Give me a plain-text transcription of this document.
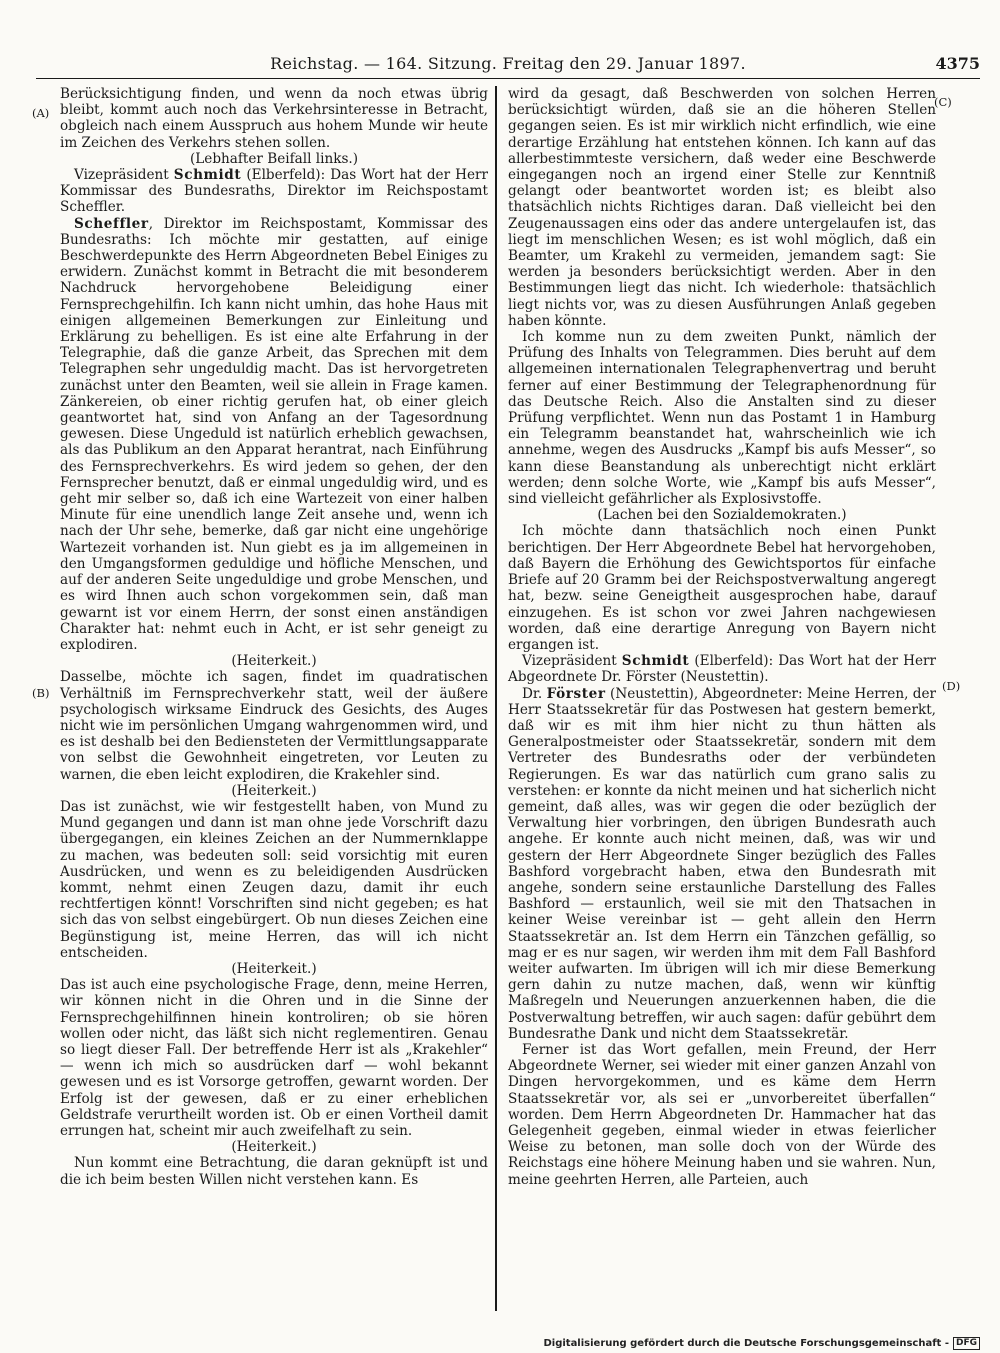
Reichstag. — 164. Sitzung. Freitag den 29. Januar 1897.	4375
(A)
(B)
(C)
(D)

Berücksichtigung finden, und wenn da noch etwas übrig bleibt, kommt auch noch das Verkehrsinteresse in Betracht, obgleich nach einem Ausspruch aus hohem Munde wir heute im Zeichen des Verkehrs stehen sollen.

(Lebhafter Beifall links.)

Vizepräsident Schmidt (Elberfeld): Das Wort hat der Herr Kommissar des Bundesraths, Direktor im Reichspostamt Scheffler.

Scheffler, Direktor im Reichspostamt, Kommissar des Bundesraths: Ich möchte mir gestatten, auf einige Beschwerdepunkte des Herrn Abgeordneten Bebel Einiges zu erwidern. Zunächst kommt in Betracht die mit besonderem Nachdruck hervorgehobene Beleidigung einer Fernsprechgehilfin. Ich kann nicht umhin, das hohe Haus mit einigen allgemeinen Bemerkungen zur Einleitung und Erklärung zu behelligen. Es ist eine alte Erfahrung in der Telegraphie, daß die ganze Arbeit, das Sprechen mit dem Telegraphen sehr ungeduldig macht. Das ist hervorgetreten zunächst unter den Beamten, weil sie allein in Frage kamen. Zänkereien, ob einer richtig gerufen hat, ob einer gleich geantwortet hat, sind von Anfang an der Tagesordnung gewesen. Diese Ungeduld ist natürlich erheblich gewachsen, als das Publikum an den Apparat herantrat, nach Einführung des Fernsprechverkehrs. Es wird jedem so gehen, der den Fernsprecher benutzt, daß er einmal ungeduldig wird, und es geht mir selber so, daß ich eine Wartezeit von einer halben Minute für eine unendlich lange Zeit ansehe und, wenn ich nach der Uhr sehe, bemerke, daß gar nicht eine ungehörige Wartezeit vorhanden ist. Nun giebt es ja im allgemeinen in den Umgangsformen geduldige und höfliche Menschen, und auf der anderen Seite ungeduldige und grobe Menschen, und es wird Ihnen auch schon vorgekommen sein, daß man gewarnt ist vor einem Herrn, der sonst einen anständigen Charakter hat: nehmt euch in Acht, er ist sehr geneigt zu explodiren.

(Heiterkeit.)

Dasselbe, möchte ich sagen, findet im quadratischen Verhältniß im Fernsprechverkehr statt, weil der äußere psychologisch wirksame Eindruck des Gesichts, des Auges nicht wie im persönlichen Umgang wahrgenommen wird, und es ist deshalb bei den Bediensteten der Vermittlungsapparate von selbst die Gewohnheit eingetreten, vor Leuten zu warnen, die eben leicht explodiren, die Krakehler sind.

(Heiterkeit.)

Das ist zunächst, wie wir festgestellt haben, von Mund zu Mund gegangen und dann ist man ohne jede Vorschrift dazu übergegangen, ein kleines Zeichen an der Nummernklappe zu machen, was bedeuten soll: seid vorsichtig mit euren Ausdrücken, und wenn es zu beleidigenden Ausdrücken kommt, nehmt einen Zeugen dazu, damit ihr euch rechtfertigen könnt! Vorschriften sind nicht gegeben; es hat sich das von selbst eingebürgert. Ob nun dieses Zeichen eine Begünstigung ist, meine Herren, das will ich nicht entscheiden.

(Heiterkeit.)

Das ist auch eine psychologische Frage, denn, meine Herren, wir können nicht in die Ohren und in die Sinne der Fernsprechgehilfinnen hinein kontroliren; ob sie hören wollen oder nicht, das läßt sich nicht reglementiren. Genau so liegt dieser Fall. Der betreffende Herr ist als „Krakehler“ — wenn ich mich so ausdrücken darf — wohl bekannt gewesen und es ist Vorsorge getroffen, gewarnt worden. Der Erfolg ist der gewesen, daß er zu einer erheblichen Geldstrafe verurtheilt worden ist. Ob er einen Vortheil damit errungen hat, scheint mir auch zweifelhaft zu sein.

(Heiterkeit.)

Nun kommt eine Betrachtung, die daran geknüpft ist und die ich beim besten Willen nicht verstehen kann. Es

wird da gesagt, daß Beschwerden von solchen Herren berücksichtigt würden, daß sie an die höheren Stellen gegangen seien. Es ist mir wirklich nicht erfindlich, wie eine derartige Erzählung hat entstehen können. Ich kann auf das allerbestimmteste versichern, daß weder eine Beschwerde eingegangen noch an irgend einer Stelle zur Kenntniß gelangt oder beantwortet worden ist; es bleibt also thatsächlich nichts Richtiges daran. Daß vielleicht bei den Zeugenaussagen eins oder das andere untergelaufen ist, das liegt im menschlichen Wesen; es ist wohl möglich, daß ein Beamter, um Krakehl zu vermeiden, jemandem sagt: Sie werden ja besonders berücksichtigt werden. Aber in den Bestimmungen liegt das nicht. Ich wiederhole: thatsächlich liegt nichts vor, was zu diesen Ausführungen Anlaß gegeben haben könnte.

Ich komme nun zu dem zweiten Punkt, nämlich der Prüfung des Inhalts von Telegrammen. Dies beruht auf dem allgemeinen internationalen Telegraphenvertrag und beruht ferner auf einer Bestimmung der Telegraphenordnung für das Deutsche Reich. Also die Anstalten sind zu dieser Prüfung verpflichtet. Wenn nun das Postamt 1 in Hamburg ein Telegramm beanstandet hat, wahrscheinlich wie ich annehme, wegen des Ausdrucks „Kampf bis aufs Messer“, so kann diese Beanstandung als unberechtigt nicht erklärt werden; denn solche Worte, wie „Kampf bis aufs Messer“, sind vielleicht gefährlicher als Explosivstoffe.

(Lachen bei den Sozialdemokraten.)

Ich möchte dann thatsächlich noch einen Punkt berichtigen. Der Herr Abgeordnete Bebel hat hervorgehoben, daß Bayern die Erhöhung des Gewichtsportos für einfache Briefe auf 20 Gramm bei der Reichspostverwaltung angeregt hat, bezw. seine Geneigtheit ausgesprochen habe, darauf einzugehen. Es ist schon vor zwei Jahren nachgewiesen worden, daß eine derartige Anregung von Bayern nicht ergangen ist.

Vizepräsident Schmidt (Elberfeld): Das Wort hat der Herr Abgeordnete Dr. Förster (Neustettin).

Dr. Förster (Neustettin), Abgeordneter: Meine Herren, der Herr Staatssekretär für das Postwesen hat gestern bemerkt, daß wir es mit ihm hier nicht zu thun hätten als Generalpostmeister oder Staatssekretär, sondern mit dem Vertreter des Bundesraths oder der verbündeten Regierungen. Es war das natürlich cum grano salis zu verstehen: er konnte da nicht meinen und hat sicherlich nicht gemeint, daß alles, was wir gegen die oder bezüglich der Verwaltung hier vorbringen, den übrigen Bundesrath auch angehe. Er konnte auch nicht meinen, daß, was wir und gestern der Herr Abgeordnete Singer bezüglich des Falles Bashford vorgebracht haben, etwa den Bundesrath mit angehe, sondern seine erstaunliche Darstellung des Falles Bashford — erstaunlich, weil sie mit den Thatsachen in keiner Weise vereinbar ist — geht allein den Herrn Staatssekretär an. Ist dem Herrn ein Tänzchen gefällig, so mag er es nur sagen, wir werden ihm mit dem Fall Bashford weiter aufwarten. Im übrigen will ich mir diese Bemerkung gern dahin zu nutze machen, daß, wenn wir künftig Maßregeln und Neuerungen anzuerkennen haben, die die Postverwaltung betreffen, wir auch sagen: dafür gebührt dem Bundesrathe Dank und nicht dem Staatssekretär.

Ferner ist das Wort gefallen, mein Freund, der Herr Abgeordnete Werner, sei wieder mit einer ganzen Anzahl von Dingen hervorgekommen, und es käme dem Herrn Staatssekretär vor, als sei er „unvorbereitet überfallen“ worden. Dem Herrn Abgeordneten Dr. Hammacher hat das Gelegenheit gegeben, einmal wieder in etwas feierlicher Weise zu betonen, man solle doch von der Würde des Reichstags eine höhere Meinung haben und sie wahren. Nun, meine geehrten Herren, alle Parteien, auch

Digitalisierung gefördert durch die Deutsche Forschungsgemeinschaft - DFG
